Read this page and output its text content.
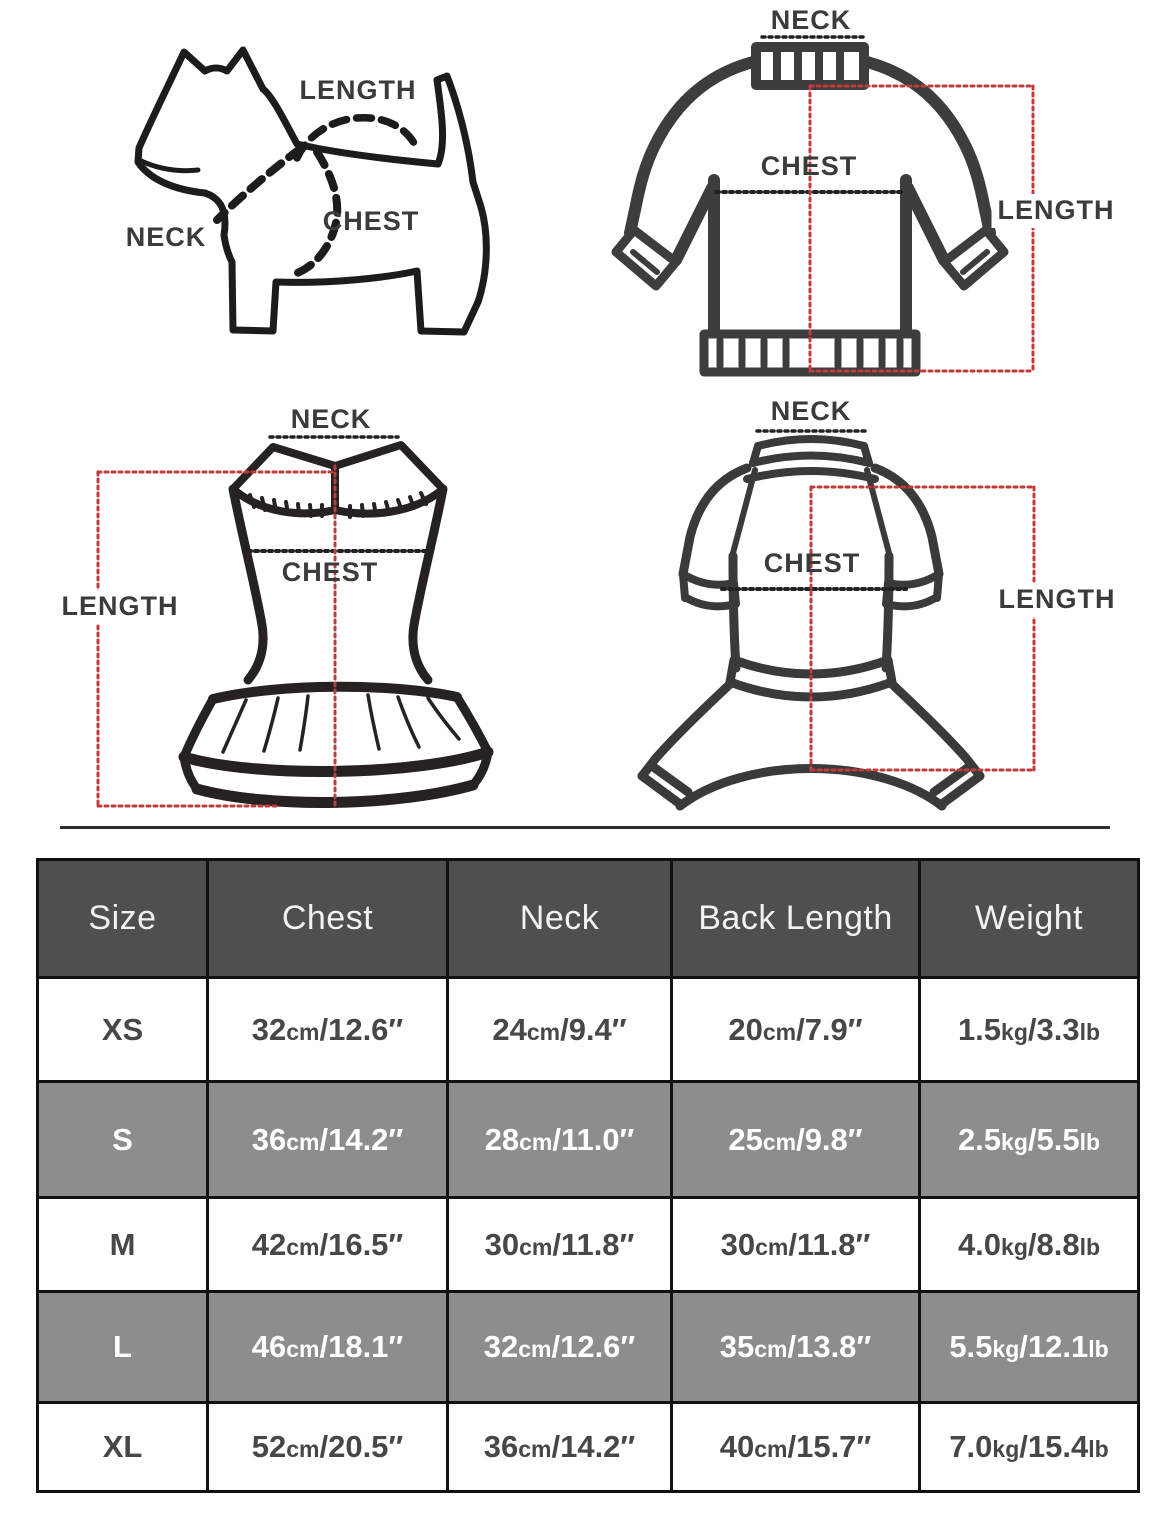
LENGTH
NECK
CHEST
NECK
CHEST
LENGTH
NECK
CHEST
LENGTH
NECK
CHEST
LENGTH
Size	Chest	Neck	Back Length	Weight
XS	32cm/12.6″	24cm/9.4″	20cm/7.9″	1.5kg/3.3lb
S	36cm/14.2″	28cm/11.0″	25cm/9.8″	2.5kg/5.5lb
M	42cm/16.5″	30cm/11.8″	30cm/11.8″	4.0kg/8.8lb
L	46cm/18.1″	32cm/12.6″	35cm/13.8″	5.5kg/12.1lb
XL	52cm/20.5″	36cm/14.2″	40cm/15.7″	7.0kg/15.4lb
